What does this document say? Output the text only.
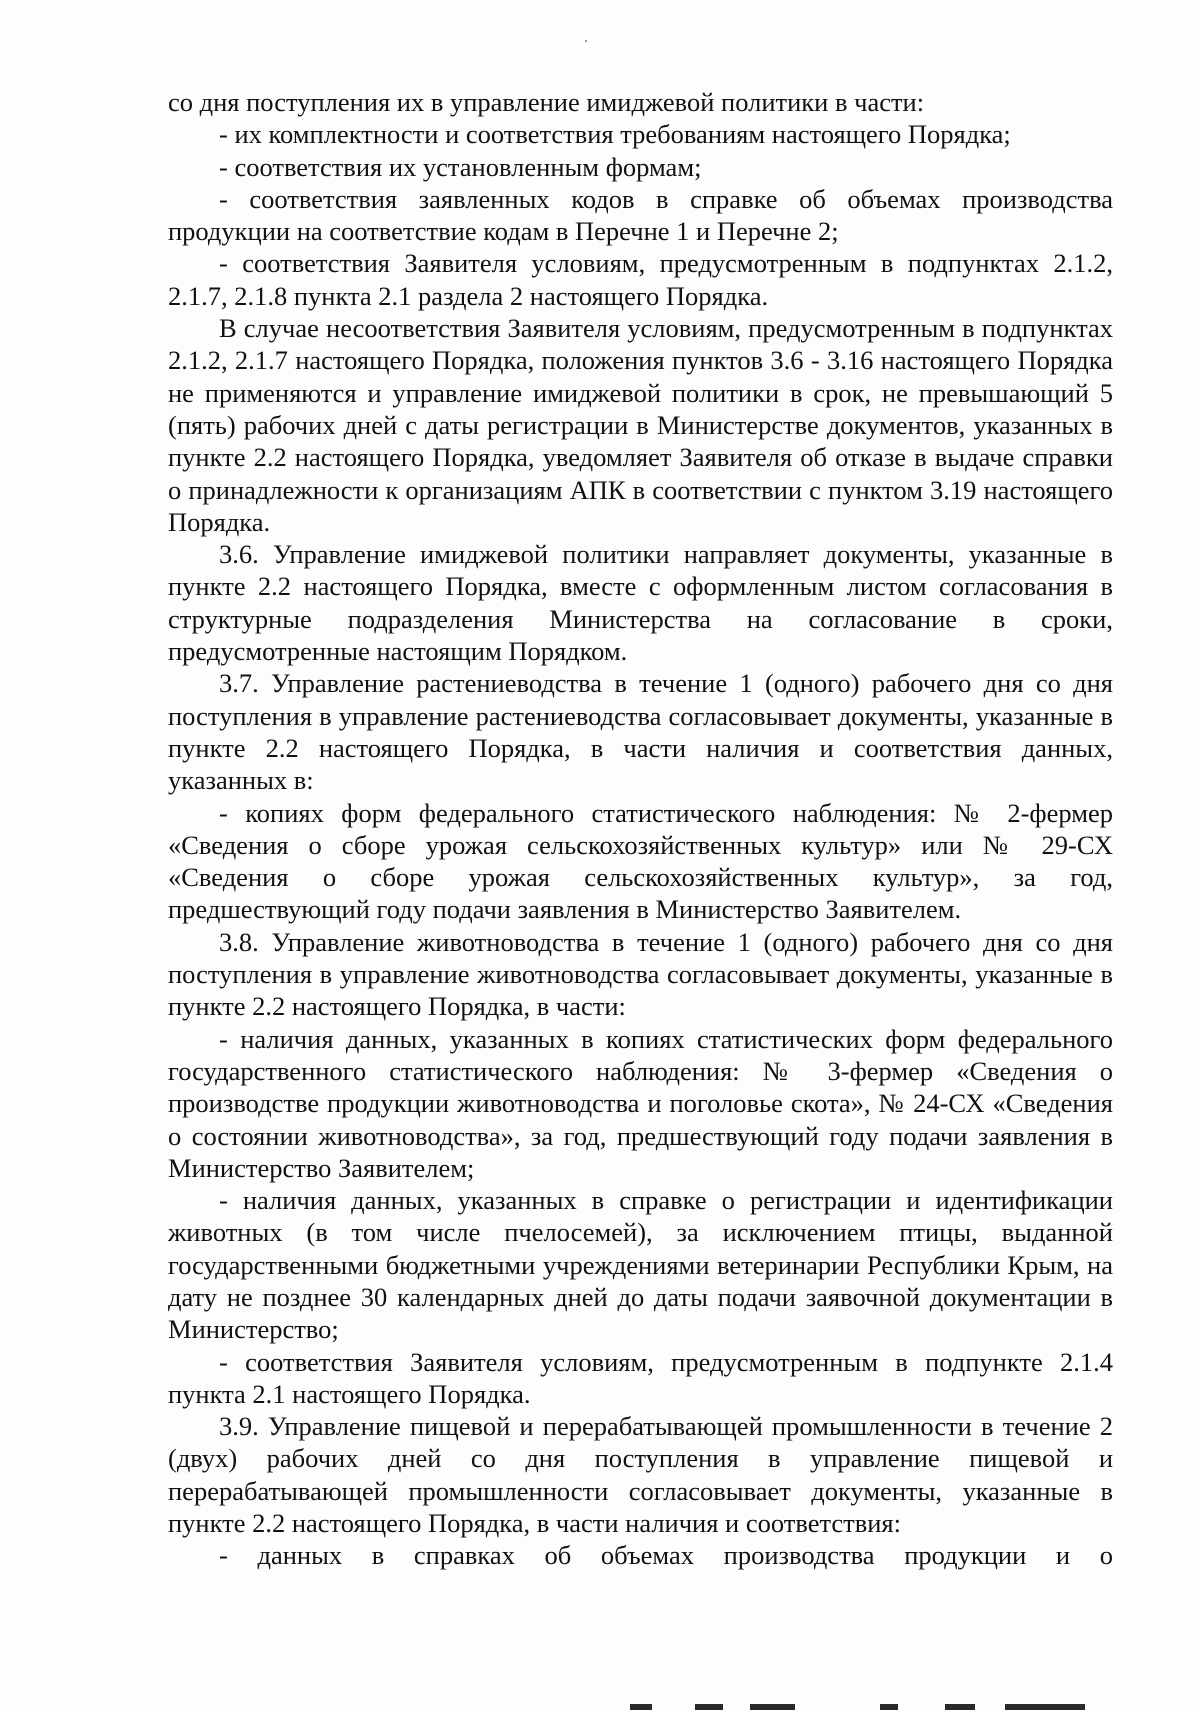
со дня поступления их в управление имиджевой политики в части:

- их комплектности и соответствия требованиям настоящего Порядка;

- соответствия их установленным формам;

- соответствия заявленных кодов в справке об объемах производства продукции на соответствие кодам в Перечне 1 и Перечне 2;

- соответствия Заявителя условиям, предусмотренным в подпунктах 2.1.2, 2.1.7, 2.1.8 пункта 2.1 раздела 2 настоящего Порядка.

В случае несоответствия Заявителя условиям, предусмотренным в подпунктах 2.1.2, 2.1.7 настоящего Порядка, положения пунктов 3.6 - 3.16 настоящего Порядка не применяются и управление имиджевой политики в срок, не превышающий 5 (пять) рабочих дней с даты регистрации в Министерстве документов, указанных в пункте 2.2 настоящего Порядка, уведомляет Заявителя об отказе в выдаче справки о принадлежности к организациям АПК в соответствии с пунктом 3.19 настоящего Порядка.

3.6. Управление имиджевой политики направляет документы, указанные в пункте 2.2 настоящего Порядка, вместе с оформленным листом согласования в структурные подразделения Министерства на согласование в сроки, предусмотренные настоящим Порядком.

3.7. Управление растениеводства в течение 1 (одного) рабочего дня со дня поступления в управление растениеводства согласовывает документы, указанные в пункте 2.2 настоящего Порядка, в части наличия и соответствия данных, указанных в:

- копиях форм федерального статистического наблюдения: № 2-фермер «Сведения о сборе урожая сельскохозяйственных культур» или № 29-СХ «Сведения о сборе урожая сельскохозяйственных культур», за год, предшествующий году подачи заявления в Министерство Заявителем.

3.8. Управление животноводства в течение 1 (одного) рабочего дня со дня поступления в управление животноводства согласовывает документы, указанные в пункте 2.2 настоящего Порядка, в части:

- наличия данных, указанных в копиях статистических форм федерального государственного статистического наблюдения: № 3-фермер «Сведения о производстве продукции животноводства и поголовье скота», № 24-СХ «Сведения о состоянии животноводства», за год, предшествующий году подачи заявления в Министерство Заявителем;

- наличия данных, указанных в справке о регистрации и идентификации животных (в том числе пчелосемей), за исключением птицы, выданной государственными бюджетными учреждениями ветеринарии Республики Крым, на дату не позднее 30 календарных дней до даты подачи заявочной документации в Министерство;

- соответствия Заявителя условиям, предусмотренным в подпункте 2.1.4 пункта 2.1 настоящего Порядка.

3.9. Управление пищевой и перерабатывающей промышленности в течение 2 (двух) рабочих дней со дня поступления в управление пищевой и перерабатывающей промышленности согласовывает документы, указанные в пункте 2.2 настоящего Порядка, в части наличия и соответствия:

- данных в справках об объемах производства продукции и о
